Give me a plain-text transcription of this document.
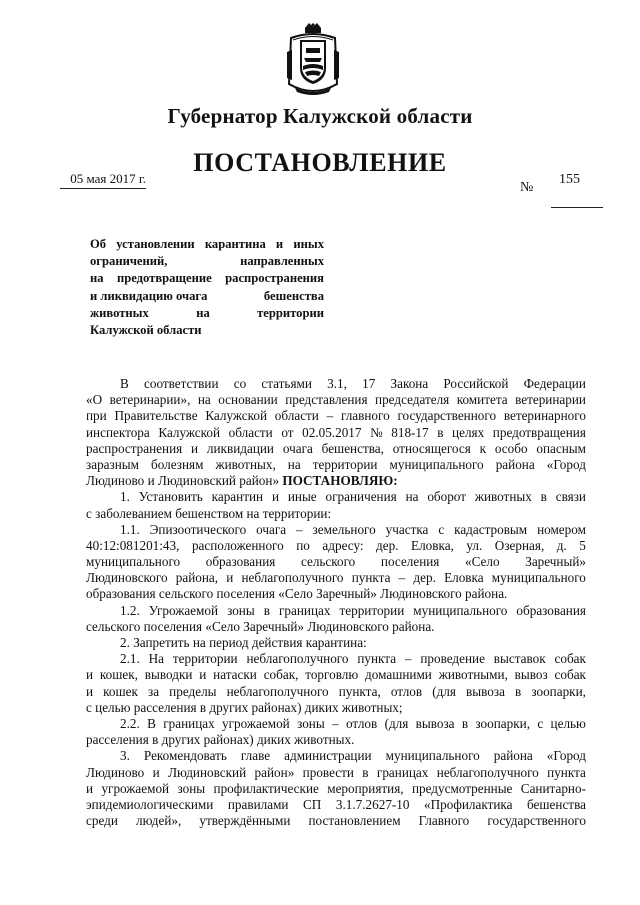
Губернатор Калужской области
ПОСТАНОВЛЕНИЕ
05 мая 2017 г.
№
155
Об установлении карантина и иных
ограничений,	направленных
на предотвращение распространения
и ликвидацию очага	бешенства
животных	на	территории
Калужской области
В соответствии со статьями 3.1, 17 Закона Российской Федерации
«О ветеринарии», на основании представления председателя комитета ветеринарии
при Правительстве Калужской области – главного государственного ветеринарного
инспектора Калужской области от 02.05.2017 № 818-17 в целях предотвращения
распространения и ликвидации очага бешенства, относящегося к особо опасным
заразным болезням животных, на территории муниципального района «Город
Людиново и Людиновский район»
ПОСТАНОВЛЯЮ:
1. Установить карантин и иные ограничения на оборот животных в связи
с заболеванием бешенством на территории:
1.1. Эпизоотического очага – земельного участка с кадастровым номером
40:12:081201:43, расположенного по адресу: дер. Еловка, ул. Озерная, д. 5
муниципального образования сельского поселения «Село Заречный»
Людиновского района, и неблагополучного пункта – дер. Еловка муниципального
образования сельского поселения «Село Заречный» Людиновского района.
1.2. Угрожаемой зоны в границах территории муниципального образования
сельского поселения «Село Заречный» Людиновского района.
2. Запретить на период действия карантина:
2.1. На территории неблагополучного пункта – проведение выставок собак
и кошек, выводки и натаски собак, торговлю домашними животными, вывоз собак
и кошек за пределы неблагополучного пункта, отлов (для вывоза в зоопарки,
с целью расселения в других районах) диких животных;
2.2. В границах угрожаемой зоны – отлов (для вывоза в зоопарки, с целью
расселения в других районах) диких животных.
3. Рекомендовать главе администрации муниципального района «Город
Людиново и Людиновский район» провести в границах неблагополучного пункта
и угрожаемой зоны профилактические мероприятия, предусмотренные Санитарно-
эпидемиологическими правилами СП 3.1.7.2627-10 «Профилактика бешенства
среди людей», утверждёнными постановлением Главного государственного
